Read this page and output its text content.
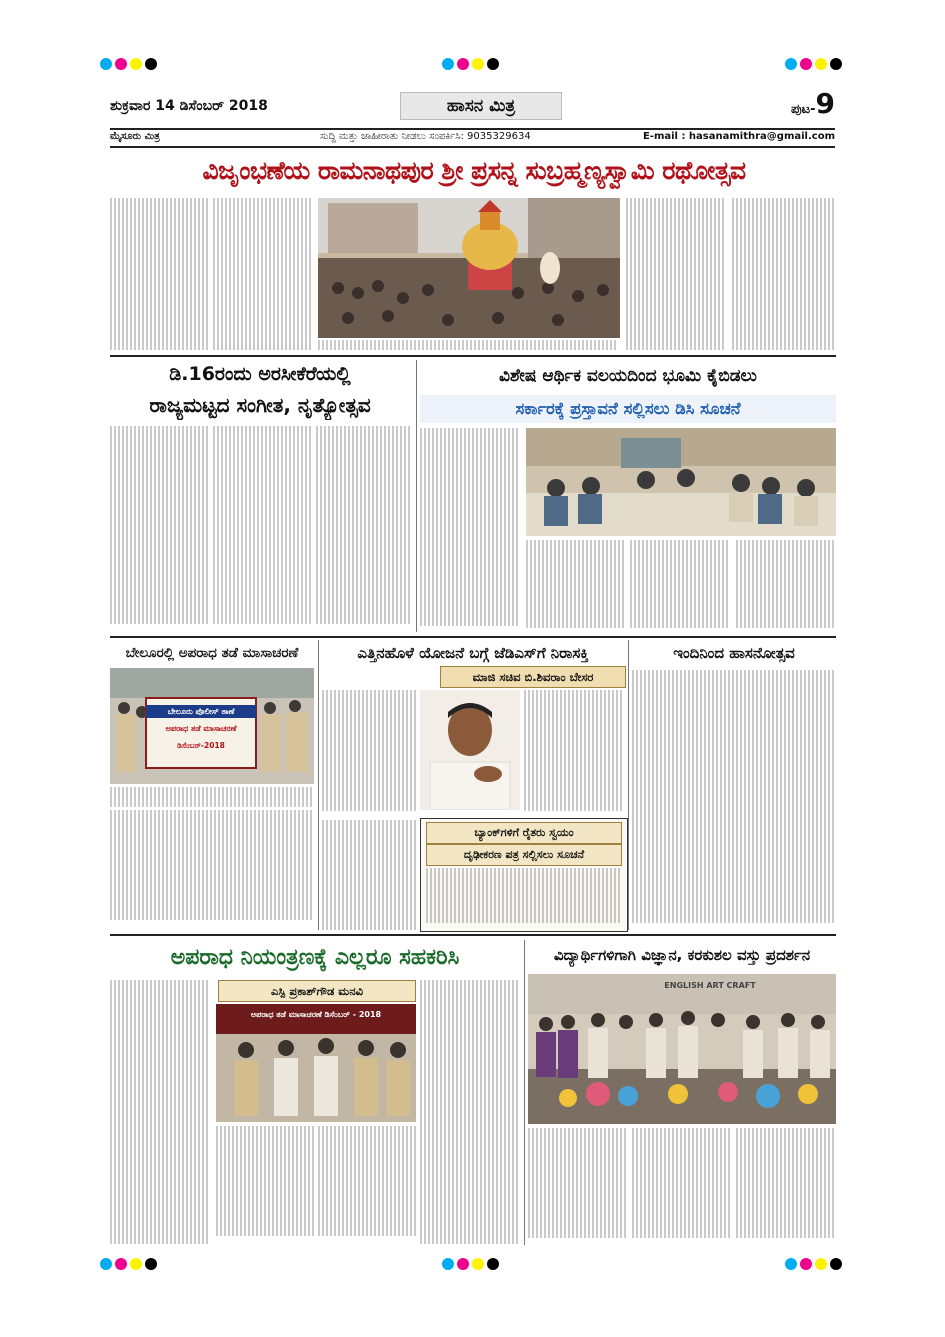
ಶುಕ್ರವಾರ 14 ಡಿಸೆಂಬರ್ 2018	ಹಾಸನ ಮಿತ್ರ	ಪುಟ-9
ಮೈಸೂರು ಮಿತ್ರ	ಸುದ್ದಿ ಮತ್ತು ಜಾಹೀರಾತು ನೀಡಲು ಸಂಪರ್ಕಿಸಿ: 9035329634	E-mail : hasanamithra@gmail.com
ವಿಜೃಂಭಣೆಯ ರಾಮನಾಥಪುರ ಶ್ರೀ ಪ್ರಸನ್ನ ಸುಬ್ರಹ್ಮಣ್ಯಸ್ವಾಮಿ ರಥೋತ್ಸವ
ಡಿ.16ರಂದು ಅರಸೀಕೆರೆಯಲ್ಲಿ
ರಾಜ್ಯಮಟ್ಟದ ಸಂಗೀತ, ನೃತ್ಯೋತ್ಸವ
ವಿಶೇಷ ಆರ್ಥಿಕ ವಲಯದಿಂದ ಭೂಮಿ ಕೈಬಿಡಲು
ಸರ್ಕಾರಕ್ಕೆ ಪ್ರಸ್ತಾವನೆ ಸಲ್ಲಿಸಲು ಡಿಸಿ ಸೂಚನೆ
ಬೇಲೂರಲ್ಲಿ ಅಪರಾಧ ತಡೆ ಮಾಸಾಚರಣೆ
ಬೇಲೂರು ಪೊಲೀಸ್ ಠಾಣೆ
ಅಪರಾಧ ತಡೆ ಮಾಸಾಚರಣೆ
ಡಿಸೆಂಬರ್-2018
ಎತ್ತಿನಹೊಳೆ ಯೋಜನೆ ಬಗ್ಗೆ ಜೆಡಿಎಸ್‌ಗೆ ನಿರಾಸಕ್ತಿ
ಮಾಜಿ ಸಚಿವ ಬಿ.ಶಿವರಾಂ ಬೇಸರ
ಬ್ಯಾಂಕ್‌ಗಳಿಗೆ ರೈತರು ಸ್ವಯಂ
ದೃಢೀಕರಣ ಪತ್ರ ಸಲ್ಲಿಸಲು ಸೂಚನೆ
ಇಂದಿನಿಂದ ಹಾಸನೋತ್ಸವ
ಅಪರಾಧ ನಿಯಂತ್ರಣಕ್ಕೆ ಎಲ್ಲರೂ ಸಹಕರಿಸಿ
ಎಸ್ಪಿ ಪ್ರಕಾಶ್‌ಗೌಡ ಮನವಿ
ಅಪರಾಧ ತಡೆ ಮಾಸಾಚರಣೆ ಡಿಸೆಂಬರ್ - 2018
ವಿದ್ಯಾರ್ಥಿಗಳಿಗಾಗಿ ವಿಜ್ಞಾನ, ಕರಕುಶಲ ವಸ್ತು ಪ್ರದರ್ಶನ
ENGLISH ART CRAFT
